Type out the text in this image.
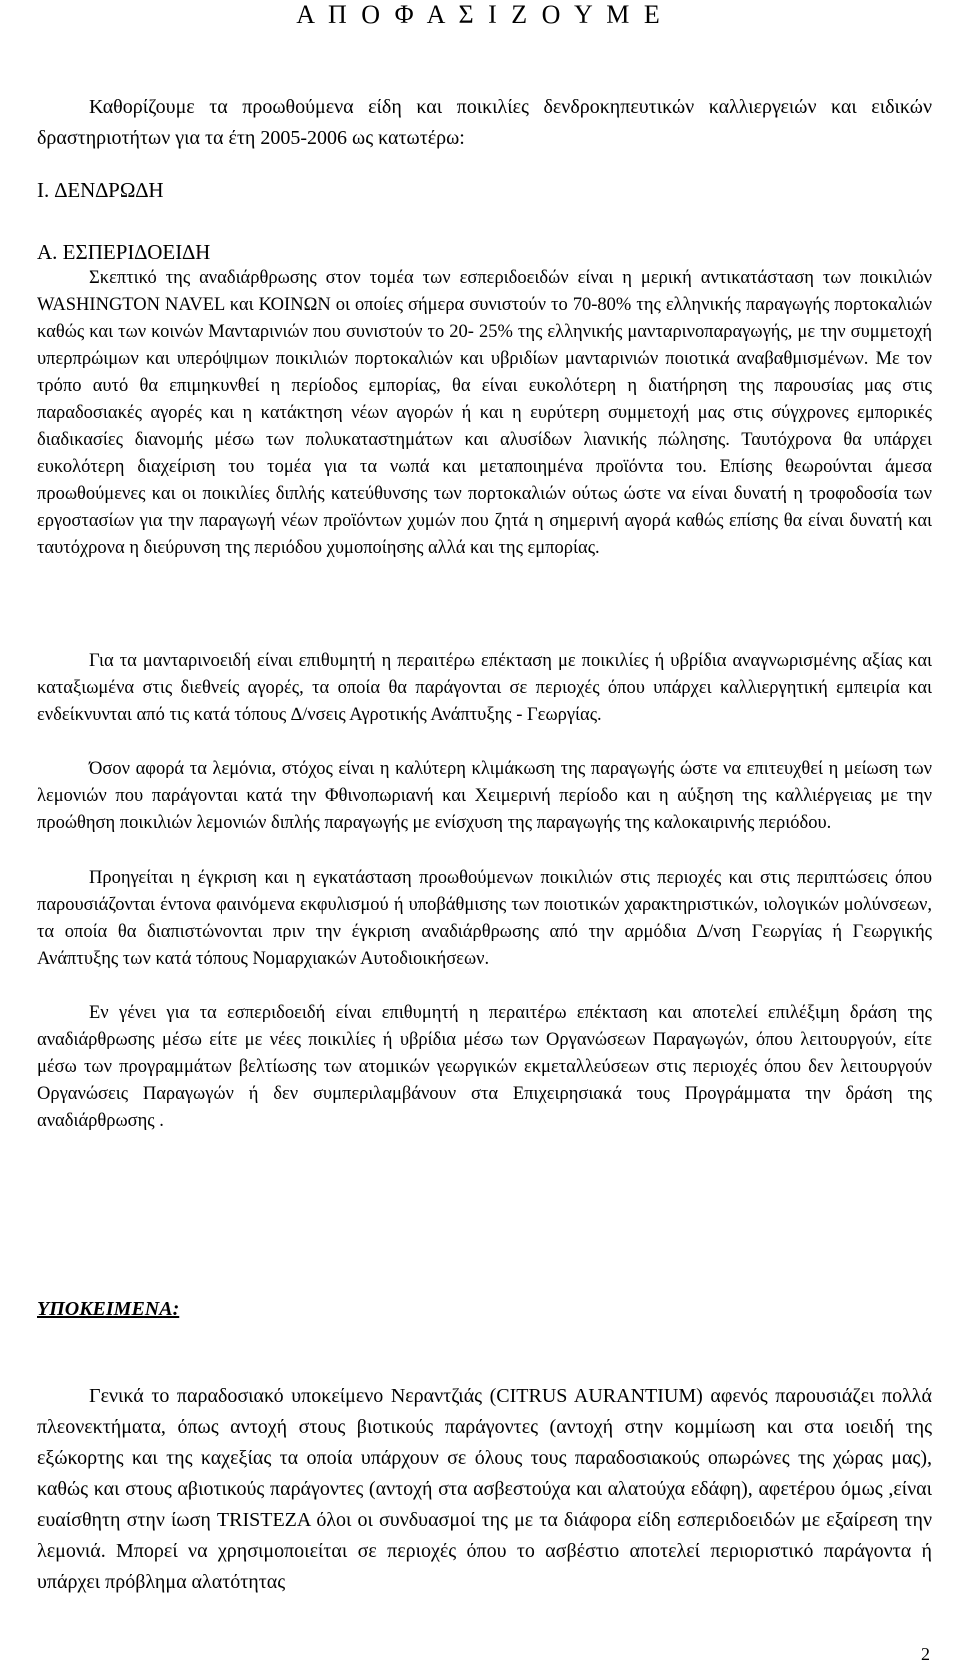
Α Π Ο Φ Α Σ Ι Ζ Ο Υ Μ Ε

Καθορίζουμε τα προωθούμενα είδη και ποικιλίες δενδροκηπευτικών καλλιεργειών και ειδικών δραστηριοτήτων για τα έτη 2005-2006 ως κατωτέρω:

Ι. ∆ΕΝ∆ΡΩ∆Η

Α. ΕΣΠΕΡΙ∆ΟΕΙ∆Η

Σκεπτικό της αναδιάρθρωσης στον τομέα των εσπεριδοειδών είναι η μερική αντικατάσταση των ποικιλιών WASHINGTON NAVEL και ΚΟΙΝΩΝ οι οποίες σήμερα συνιστούν το 70-80% της ελληνικής παραγωγής πορτοκαλιών καθώς και των κοινών Μανταρινιών που συνιστούν το 20- 25% της ελληνικής μανταρινοπαραγωγής, με την συμμετοχή υπερπρώιμων και υπερόψιμων ποικιλιών πορτοκαλιών και υβριδίων μανταρινιών ποιοτικά αναβαθμισμένων. Με τον τρόπο αυτό θα επιμηκυνθεί η περίοδος εμπορίας, θα είναι ευκολότερη η διατήρηση της παρουσίας μας στις παραδοσιακές αγορές και η κατάκτηση νέων αγορών ή και η ευρύτερη συμμετοχή μας στις σύγχρονες εμπορικές διαδικασίες διανομής μέσω των πολυκαταστημάτων και αλυσίδων λιανικής πώλησης. Ταυτόχρονα θα υπάρχει ευκολότερη διαχείριση του τομέα για τα νωπά και μεταποιημένα προϊόντα του. Επίσης θεωρούνται άμεσα προωθούμενες και οι ποικιλίες διπλής κατεύθυνσης των πορτοκαλιών ούτως ώστε να είναι δυνατή η τροφοδοσία των εργοστασίων για την παραγωγή νέων προϊόντων χυμών που ζητά η σημερινή αγορά καθώς επίσης θα είναι δυνατή και ταυτόχρονα η διεύρυνση της περιόδου χυμοποίησης αλλά και της εμπορίας.

Για τα μανταρινοειδή είναι επιθυμητή η περαιτέρω επέκταση με ποικιλίες ή υβρίδια αναγνωρισμένης αξίας και καταξιωμένα στις διεθνείς αγορές, τα οποία θα παράγονται σε περιοχές όπου υπάρχει καλλιεργητική εμπειρία και ενδείκνυνται από τις κατά τόπους ∆/νσεις Αγροτικής Ανάπτυξης - Γεωργίας.

Όσον αφορά τα λεμόνια, στόχος είναι η καλύτερη κλιμάκωση της παραγωγής ώστε να επιτευχθεί η μείωση των λεμονιών που παράγονται κατά την Φθινοπωριανή και Χειμερινή περίοδο και η αύξηση της καλλιέργειας με την προώθηση ποικιλιών λεμονιών διπλής παραγωγής με ενίσχυση της παραγωγής της καλοκαιρινής περιόδου.

Προηγείται η έγκριση και η εγκατάσταση προωθούμενων ποικιλιών στις περιοχές και στις περιπτώσεις όπου παρουσιάζονται έντονα φαινόμενα εκφυλισμού ή υποβάθμισης των ποιοτικών χαρακτηριστικών, ιολογικών μολύνσεων, τα οποία θα διαπιστώνονται πριν την έγκριση αναδιάρθρωσης από την αρμόδια ∆/νση Γεωργίας ή Γεωργικής Ανάπτυξης των κατά τόπους Νομαρχιακών Αυτοδιοικήσεων.

Εν γένει για τα εσπεριδοειδή είναι επιθυμητή η περαιτέρω επέκταση και αποτελεί επιλέξιμη δράση της αναδιάρθρωσης μέσω είτε με νέες ποικιλίες ή υβρίδια μέσω των Οργανώσεων Παραγωγών, όπου λειτουργούν, είτε μέσω των προγραμμάτων βελτίωσης των ατομικών γεωργικών εκμεταλλεύσεων στις περιοχές όπου δεν λειτουργούν Οργανώσεις Παραγωγών ή δεν συμπεριλαμβάνουν στα Επιχειρησιακά τους Προγράμματα την δράση της αναδιάρθρωσης .

ΥΠΟΚΕΙΜΕΝΑ:

Γενικά το παραδοσιακό υποκείμενο Νεραντζιάς (CITRUS AURANTIUM) αφενός παρουσιάζει πολλά πλεονεκτήματα, όπως αντοχή στους βιοτικούς παράγοντες (αντοχή στην κομμίωση και στα ιοειδή της εξώκορτης και της καχεξίας τα οποία υπάρχουν σε όλους τους παραδοσιακούς οπωρώνες της χώρας μας), καθώς και στους αβιοτικούς παράγοντες (αντοχή στα ασβεστούχα και αλατούχα εδάφη), αφετέρου όμως ,είναι ευαίσθητη στην ίωση TRISTEZA όλοι οι συνδυασμοί της με τα διάφορα είδη εσπεριδοειδών με εξαίρεση την λεμονιά. Μπορεί να χρησιμοποιείται σε περιοχές όπου το ασβέστιο αποτελεί περιοριστικό παράγοντα ή υπάρχει πρόβλημα αλατότητας

2
